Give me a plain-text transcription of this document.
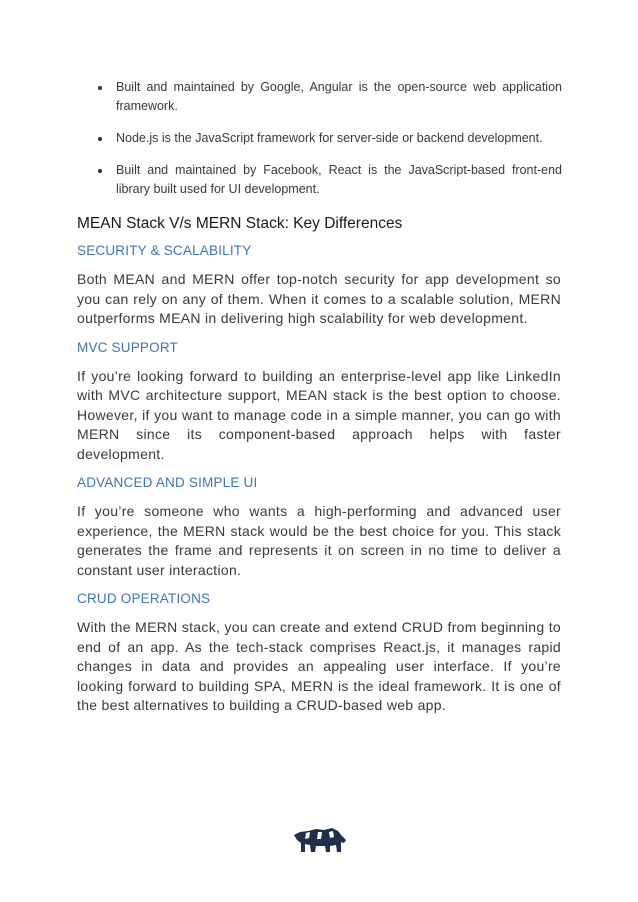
Built and maintained by Google, Angular is the open-source web application framework.
Node.js is the JavaScript framework for server-side or backend development.
Built and maintained by Facebook, React is the JavaScript-based front-end library built used for UI development.
MEAN Stack V/s MERN Stack: Key Differences
SECURITY & SCALABILITY

Both MEAN and MERN offer top-notch security for app development so you can rely on any of them. When it comes to a scalable solution, MERN outperforms MEAN in delivering high scalability for web development.

MVC SUPPORT

If you’re looking forward to building an enterprise-level app like LinkedIn with MVC architecture support, MEAN stack is the best option to choose. However, if you want to manage code in a simple manner, you can go with MERN since its component-based approach helps with faster development.

ADVANCED AND SIMPLE UI

If you’re someone who wants a high-performing and advanced user experience, the MERN stack would be the best choice for you. This stack generates the frame and represents it on screen in no time to deliver a constant user interaction.

CRUD OPERATIONS

With the MERN stack, you can create and extend CRUD from beginning to end of an app. As the tech-stack comprises React.js, it manages rapid changes in data and provides an appealing user interface. If you’re looking forward to building SPA, MERN is the ideal framework. It is one of the best alternatives to building a CRUD-based web app.
